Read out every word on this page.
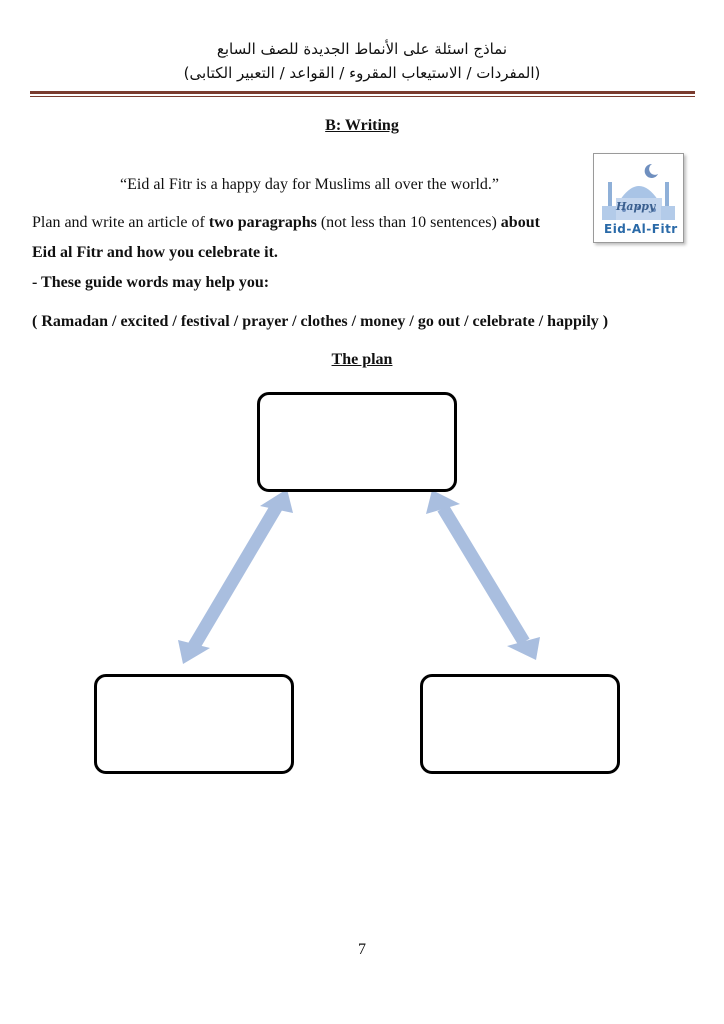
نماذج اسئلة على الأنماط الجديدة للصف السابع
(المفردات / الاستيعاب المقروء / القواعد / التعبير الكتابى)
B: Writing
“Eid al Fitr is a happy day for Muslims all over the world.”
Happy
Eid-Al-Fitr
Plan and write an article of two paragraphs (not less than 10 sentences) about
Eid al Fitr and how you celebrate it.
- These guide words may help you:
( Ramadan / excited / festival / prayer / clothes / money / go out / celebrate / happily )
The plan
7
